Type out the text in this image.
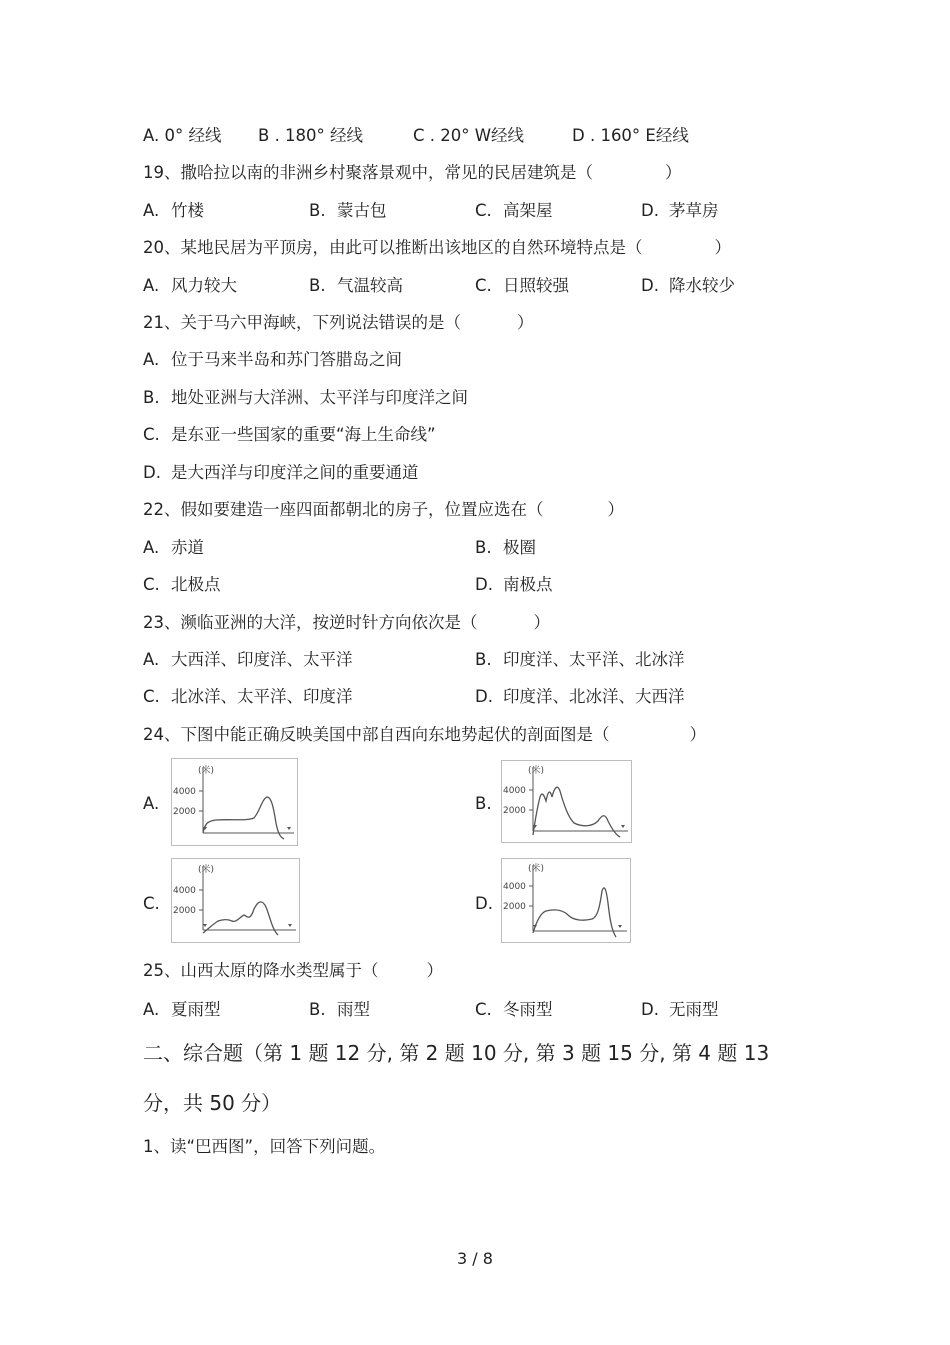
A. 0° 经线 B . 180° 经线	C . 20° W经线	D . 160° E经线
19、撒哈拉以南的非洲乡村聚落景观中，常见的民居建筑是（	）
A. 竹楼	B. 蒙古包	C. 高架屋	D. 茅草房
20、某地民居为平顶房，由此可以推断出该地区的自然环境特点是（	）
A. 风力较大	B. 气温较高	C. 日照较强	D. 降水较少
21、关于马六甲海峡，下列说法错误的是（	）
A. 位于马来半岛和苏门答腊岛之间
B. 地处亚洲与大洋洲、太平洋与印度洋之间
C. 是东亚一些国家的重要“海上生命线”
D. 是大西洋与印度洋之间的重要通道
22、假如要建造一座四面都朝北的房子，位置应选在（	）
A. 赤道	B. 极圈
C. 北极点	D. 南极点
23、濒临亚洲的大洋，按逆时针方向依次是（	）
A. 大西洋、印度洋、太平洋	B. 印度洋、太平洋、北冰洋
C. 北冰洋、太平洋、印度洋	D. 印度洋、北冰洋、大西洋
24、下图中能正确反映美国中部自西向东地势起伏的剖面图是（	）
A.	B.
C.	D.
(米)
4000
2000
(米)
4000
2000
(米)
4000
2000
(米)
4000
2000
25、山西太原的降水类型属于（	）
A. 夏雨型	B. 雨型	C. 冬雨型	D. 无雨型
二、综合题（第 1 题 12 分, 第 2 题 10 分, 第 3 题 15 分, 第 4 题 13
分，共 50 分）
1、读“巴西图”，回答下列问题。
3 / 8
